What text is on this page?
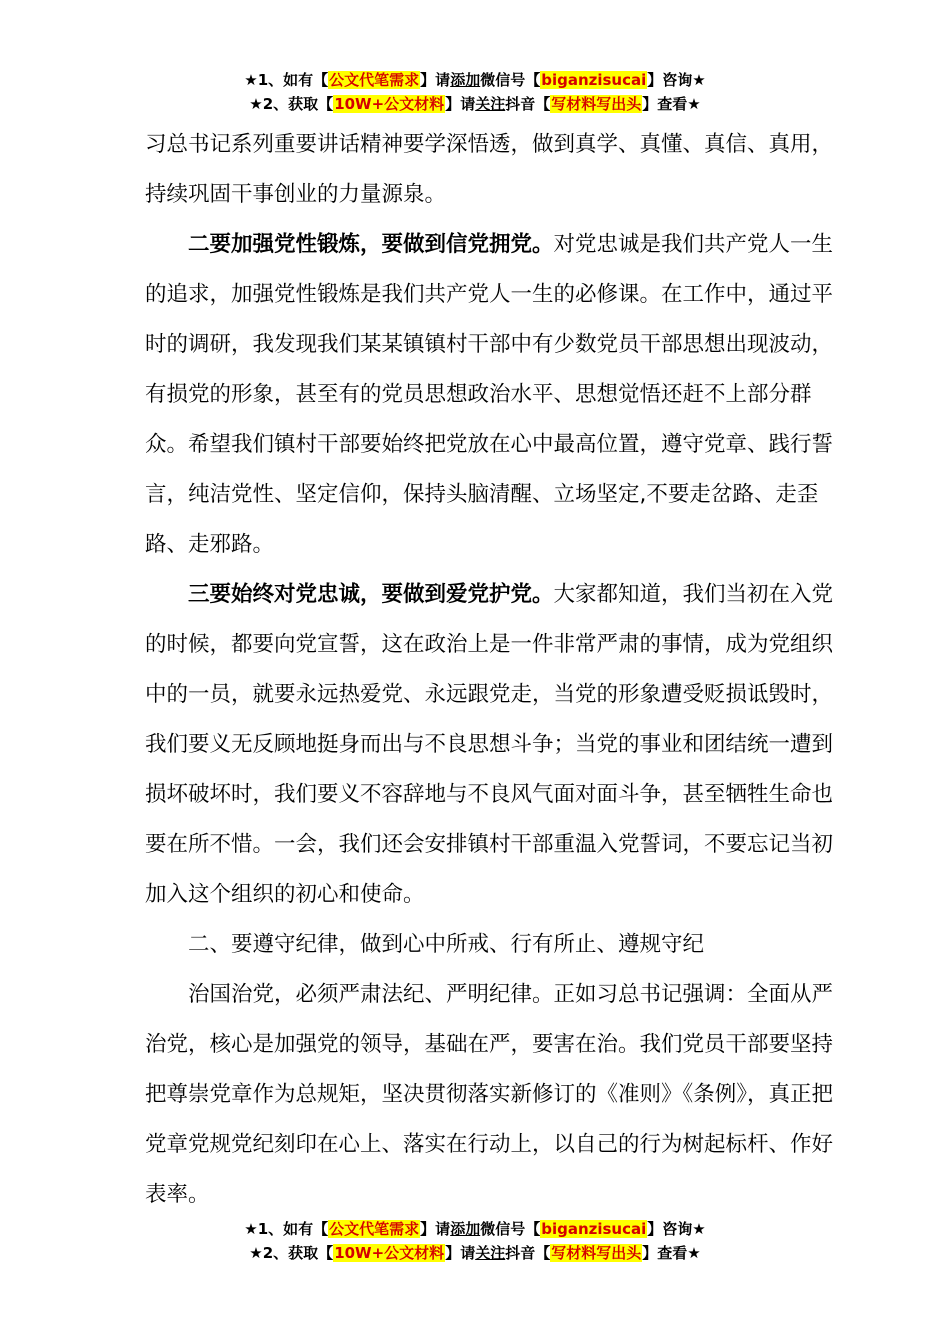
★1、如有【公文代笔需求】请添加微信号【biganzisucai】咨询★
★2、获取【10W+公文材料】请关注抖音【写材料写出头】查看★

习总书记系列重要讲话精神要学深悟透，做到真学、真懂、真信、真用，持续巩固干事创业的力量源泉。

二要加强党性锻炼，要做到信党拥党。对党忠诚是我们共产党人一生的追求，加强党性锻炼是我们共产党人一生的必修课。在工作中，通过平时的调研，我发现我们某某镇镇村干部中有少数党员干部思想出现波动，有损党的形象，甚至有的党员思想政治水平、思想觉悟还赶不上部分群众。希望我们镇村干部要始终把党放在心中最高位置，遵守党章、践行誓言，纯洁党性、坚定信仰，保持头脑清醒、立场坚定,不要走岔路、走歪路、走邪路。

三要始终对党忠诚，要做到爱党护党。大家都知道，我们当初在入党的时候，都要向党宣誓，这在政治上是一件非常严肃的事情，成为党组织中的一员，就要永远热爱党、永远跟党走，当党的形象遭受贬损诋毁时，我们要义无反顾地挺身而出与不良思想斗争；当党的事业和团结统一遭到损坏破坏时，我们要义不容辞地与不良风气面对面斗争，甚至牺牲生命也要在所不惜。一会，我们还会安排镇村干部重温入党誓词，不要忘记当初加入这个组织的初心和使命。

二、要遵守纪律，做到心中所戒、行有所止、遵规守纪

治国治党，必须严肃法纪、严明纪律。正如习总书记强调：全面从严治党，核心是加强党的领导，基础在严，要害在治。我们党员干部要坚持把尊崇党章作为总规矩，坚决贯彻落实新修订的《准则》《条例》，真正把党章党规党纪刻印在心上、落实在行动上，以自己的行为树起标杆、作好表率。

★1、如有【公文代笔需求】请添加微信号【biganzisucai】咨询★
★2、获取【10W+公文材料】请关注抖音【写材料写出头】查看★
